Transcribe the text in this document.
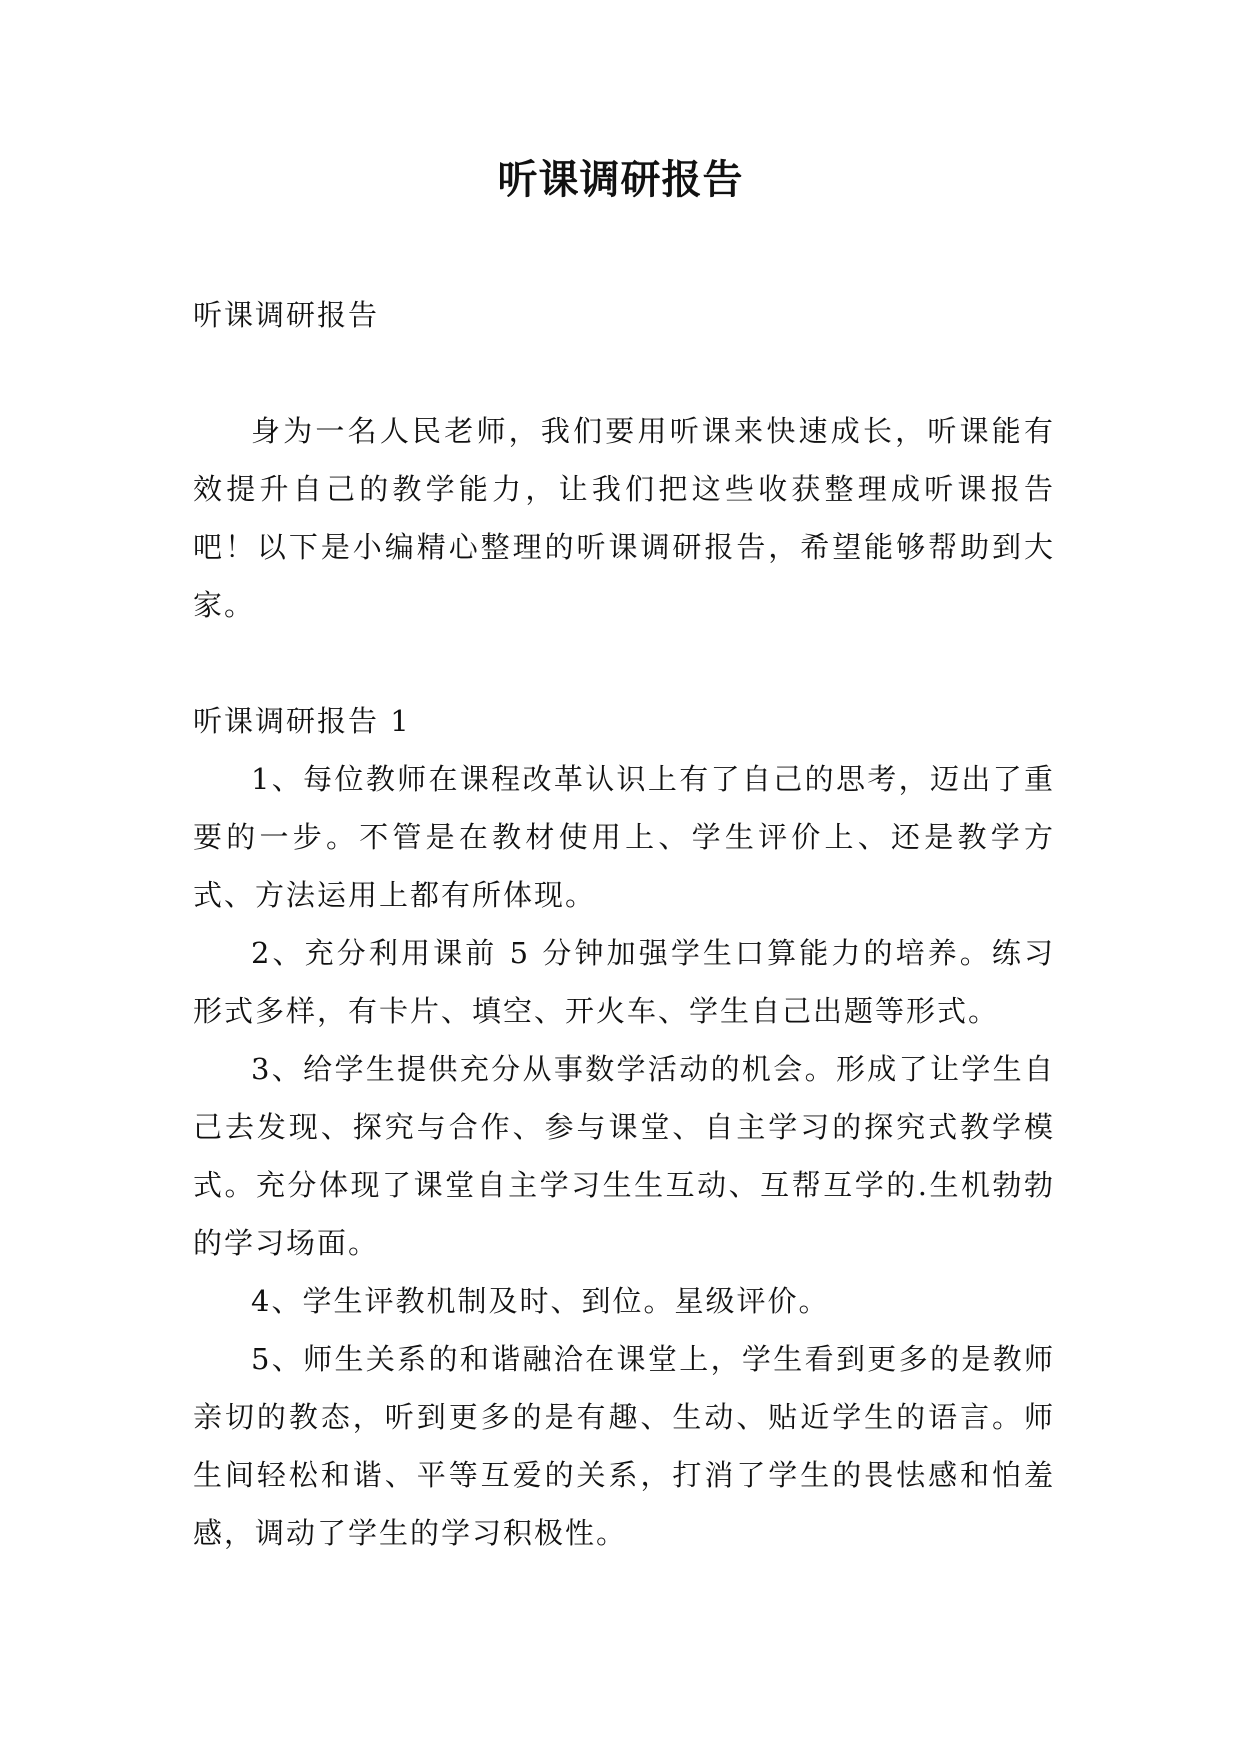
听课调研报告

听课调研报告

身为一名人民老师，我们要用听课来快速成长，听课能有效提升自己的教学能力，让我们把这些收获整理成听课报告吧！以下是小编精心整理的听课调研报告，希望能够帮助到大家。

听课调研报告 1

1、每位教师在课程改革认识上有了自己的思考，迈出了重要的一步。不管是在教材使用上、学生评价上、还是教学方式、方法运用上都有所体现。

2、充分利用课前 5 分钟加强学生口算能力的培养。练习形式多样，有卡片、填空、开火车、学生自己出题等形式。

3、给学生提供充分从事数学活动的机会。形成了让学生自己去发现、探究与合作、参与课堂、自主学习的探究式教学模式。充分体现了课堂自主学习生生互动、互帮互学的.生机勃勃的学习场面。

4、学生评教机制及时、到位。星级评价。

5、师生关系的和谐融洽在课堂上，学生看到更多的是教师亲切的教态，听到更多的是有趣、生动、贴近学生的语言。师生间轻松和谐、平等互爱的关系，打消了学生的畏怯感和怕羞感，调动了学生的学习积极性。
